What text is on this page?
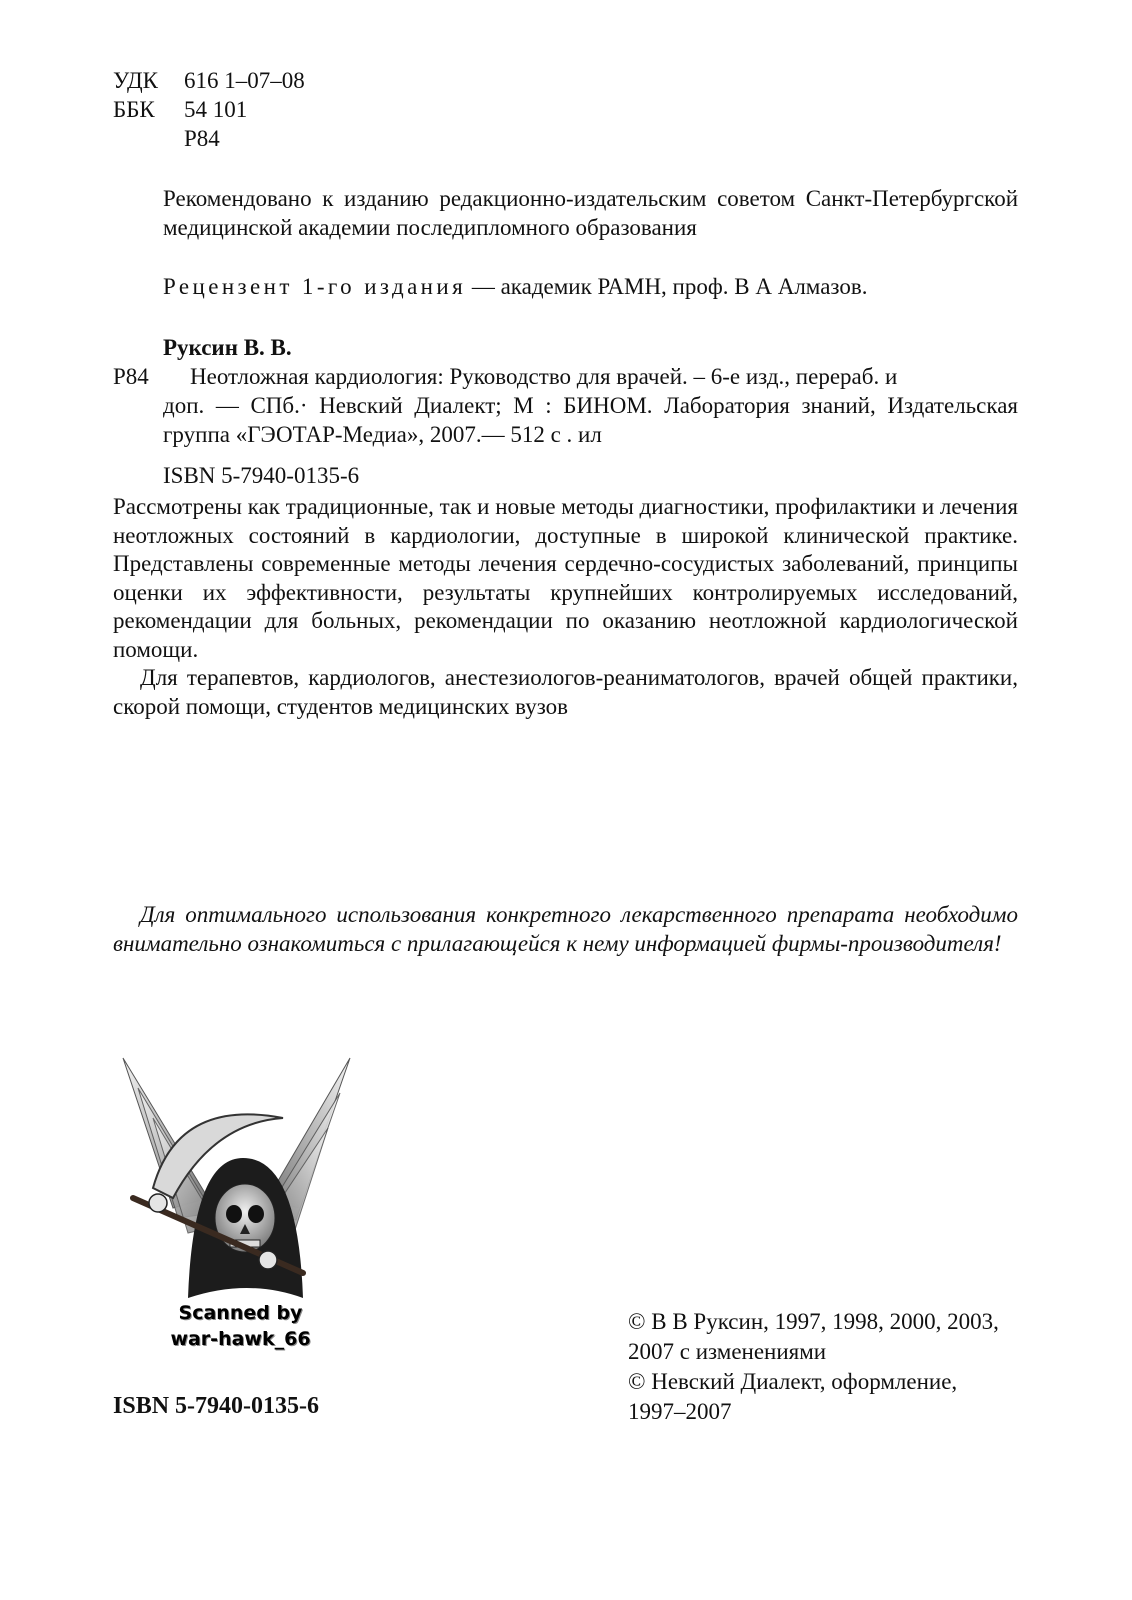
УДК	616 1–07–08
ББК	54 101
Р84
Рекомендовано к изданию редакционно-издательским советом Санкт-Петербургской медицинской академии последипломного образования
Рецензент 1-го издания — академик РАМН, проф. В А Алмазов.
Руксин В. В.
Р84 Неотложная кардиология: Руководство для врачей. – 6-е изд., перераб. и
доп. — СПб.· Невский Диалект; М : БИНОМ. Лаборатория знаний, Издательская группа «ГЭОТАР-Медиа», 2007.— 512 с . ил
ISBN 5-7940-0135-6

Рассмотрены как традиционные, так и новые методы диагностики, профилактики и лечения неотложных состояний в кардиологии, доступные в широкой клинической практике. Представлены современные методы лечения сердечно-сосудистых заболеваний, принципы оценки их эффективности, результаты крупнейших контролируемых исследований, рекомендации для больных, рекомендации по оказанию неотложной кардиологической помощи.

Для терапевтов, кардиологов, анестезиологов-реаниматологов, врачей общей практики, скорой помощи, студентов медицинских вузов

Для оптимального использования конкретного лекарственного препарата необходимо внимательно ознакомиться с прилагающейся к нему информацией фирмы-производителя!

Scanned by
war-hawk_66
© В В Руксин, 1997, 1998, 2000, 2003, 2007 с изменениями
© Невский Диалект, оформление, 1997–2007
ISBN 5-7940-0135-6
